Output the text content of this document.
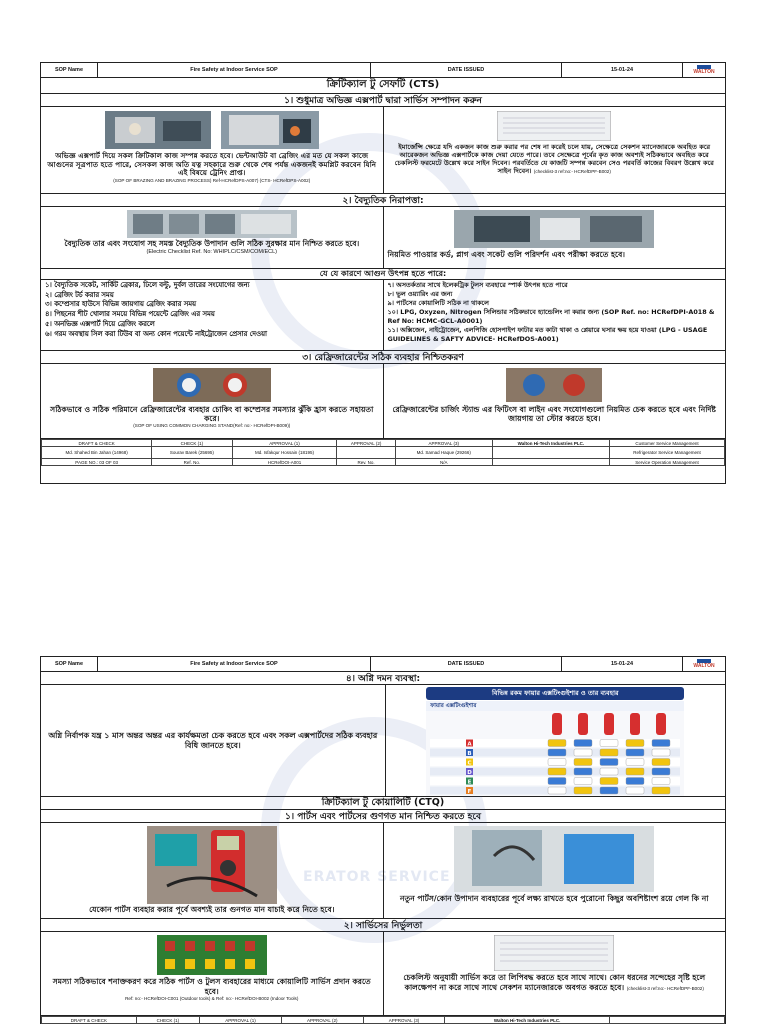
SOP Name	Fire Safety at Indoor Service SOP	DATE ISSUED	15-01-24	WALTON
ক্রিটিক্যাল টু সেফটি (CTS)
১। শুধুমাত্র অভিজ্ঞ এক্সপার্ট দ্বারা সার্ভিস সম্পাদন করুন
অভিজ্ঞ এক্সপার্ট দিয়ে সকল ক্রিটিকাল কাজ সম্পন্ন করতে হবে। ভেন্টআউট বা ব্রেজিং এর মত যে সকল কাজে আগুনের সূত্রপাত হতে পারে, সেসকল কাজ অতি যত্ন সহকারে শুরু থেকে শেষ পর্যন্ত একজনই কমপ্লিট করবেন যিনি এই বিষয়ে ট্রেনিং প্রাপ্ত।
(SOP OF BRAZING AND BRAZING PROCESS) Ref-HCRefDPS-A007) (CTS- HCRefDPS-A002)
ইমার্জেন্সি ক্ষেত্রে যদি একজন কাজ শুরু করার পর শেষ না করেই চলে যায়, সেক্ষেত্রে সেকশন ম্যানেজারকে অবহিত করে আরেকজন অভিজ্ঞ এক্সপার্টকে কাজ দেয়া যেতে পারে। তবে সেক্ষেত্রে পূর্বের কৃত কাজ অবশ্যই সঠিকভাবে অবহিত করে চেকলিস্ট ফরমেটে উল্লেখ করে সাইন দিবেন। পরবর্তিতে যে কাজটি সম্পন্ন করবেন সেও পরবর্তি কাজের বিবরণ উল্লেখ করে সাইন দিবেন। (checklist-3 ref:no:- HCRefDPF-B002)
২। বৈদ্যুতিক নিরাপত্তা:
বৈদ্যুতিক তার এবং সংযোগ সহ সমস্ত বৈদ্যুতিক উপাদান গুলি সঠিক সুরক্ষার মান নিশ্চিত করতে হবে।
(Electric Checklist Ref. No: WHIPLC/CSM/COM/ECL)	নিয়মিত পাওয়ার কর্ড, প্লাগ এবং সকেট গুলি পরিদর্শন এবং পরীক্ষা করতে হবে।
যে যে কারণে আগুন উৎপন্ন হতে পারে:
১। বৈদ্যুতিক সকেট, সার্কিট ব্রেকার, ঢিলে বল্টু, দুর্বল তারের সংযোগের জন্য
২। ব্রেজিং টর্চ করার সময়
৩। কম্প্রেসার হাউসে বিভিন্ন জায়গায় ব্রেজিং করার সময়
৪। পিছনের শীট খোলার সময়ে বিভিন্ন পয়েন্টে ব্রেজিং এর সময়
৫। অনভিজ্ঞ এক্সপার্ট দিয়ে ব্রেজিং করলে
৬। গরম অবস্থায় সিল করা টিউব বা অন্য কোন পয়েন্টে নাইট্রোজেন প্রেসার দেওয়া
৭। অসতর্কতার সাথে ইলেকট্রিক টুলস ব্যবহারে স্পার্ক উৎপন্ন হতে পারে
৮। ভুল ওয়্যারিং এর জন্য
৯। পার্টসের কোয়ালিটি সঠিক না থাকলে
১০। LPG, Oxyzen, Nitrogen সিলিন্ডার সঠিকভাবে হ্যান্ডেলিং না করার জন্য (SOP Ref. no: HCRefDPI-A018 & Ref No: HCMC-GCL-A0001)
১১। অক্সিজেন, নাইট্রোজেন, এলপিজি হোসপাইপ ফাটার মত কাটা থাকা ও প্লেয়ারে ঘসার ক্ষয় হয়ে যাওয়া (LPG - USAGE GUIDELINES & SAFTY ADVICE- HCRefDOS-A001)
৩। রেফ্রিজারেন্টের সঠিক ব্যবহার নিশ্চিতকরণ
সঠিকভাবে ও সঠিক পরিমানে রেফ্রিজারেন্টের ব্যবহার চোকিং বা কম্প্রেসর সমস্যার ঝুঁকি হ্রাস করতে সহায়তা করে।
(SOP OF USING COMMON CHARGING STAND(Ref: no:- HCRefDPI-B009))
রেফ্রিজারেন্টের চার্জিং স্ট্যান্ড এর ফিটিংস বা লাইন এবং সংযোগগুলো নিয়মিত চেক করতে হবে এবং নির্দিষ্ট জায়গায় তা স্টোর করতে হবে।
DRAFT & CHECK	CHECK (1)	APPROVAL (1)	APPROVAL (2)	APPROVAL (3)	Walton Hi-Tech Industries PLC.	Customer Service Management
Md. Shahed Bin Jahan (14968)	Sourav Barek (25695)	Md. Isfakqur Hossain (18195)		Md. Samad Haque (29266)		Refrigerator Service Management
PAGE NO.: 03 OF 03	Ref. No.	HCRefDOI-A001	Rev. No.	N/A		Service Operation Management
ERATOR SERVICE MANAGEM
SOP Name	Fire Safety at Indoor Service SOP	DATE ISSUED	15-01-24	WALTON
৪। অগ্নি দমন ব্যবস্থা:
অগ্নি নির্বাপক যন্ত্র ১ মাস অন্তর অন্তর এর কার্যক্ষমতা চেক করতে হবে এবং সকল এক্সপার্টদের সঠিক ব্যবহার বিধি জানতে হবে।
বিভিন্ন রকম ফায়ার এক্সটিংগুইশার ও তার ব্যবহার
ফায়ার এক্সটিংগুইশার
A
B
C
D
E
F
ক্রিটিক্যাল টু কোয়ালিটি (CTQ)
১। পার্টস এবং পার্টসের গুণগত মান নিশ্চিত করতে হবে
যেকোন পার্টস ব্যবহার করার পূর্বে অবশ্যই তার গুনগত মান যাচাই করে নিতে হবে।
নতুন পার্টস/কোন উপাদান ব্যবহারের পূর্বে লক্ষ্য রাখতে হবে পুরোনো কিছুর অবশিষ্টাংশ রয়ে গেল কি না
২। সার্ভিসের নির্ভুলতা
সমস্যা সঠিকভাবে শনাক্তকরণ করে সঠিক পার্টস ও টুলস ব্যবহারের মাধ্যমে কোয়ালিটি সার্ভিস প্রদান করতে হবে।
Ref: no:- HCRefDOI-C001 (Outdoor tools) & Ref: no:- HCRefDOI-B002 (Indoor Tools)
চেকলিস্ট অনুযায়ী সার্ভিস করে তা লিপিবদ্ধ করতে হবে সাথে সাথে। কোন ধরনের সন্দেহের সৃষ্টি হলে কালক্ষেপণ না করে সাথে সাথে সেকশন ম্যানেজারকে অবগত করতে হবে। (checklist-3 ref:no:- HCRefDPF-B002)
DRAFT & CHECK	CHECK (1)	APPROVAL (1)	APPROVAL (2)	APPROVAL (3)	Walton Hi-Tech Industries PLC.	
